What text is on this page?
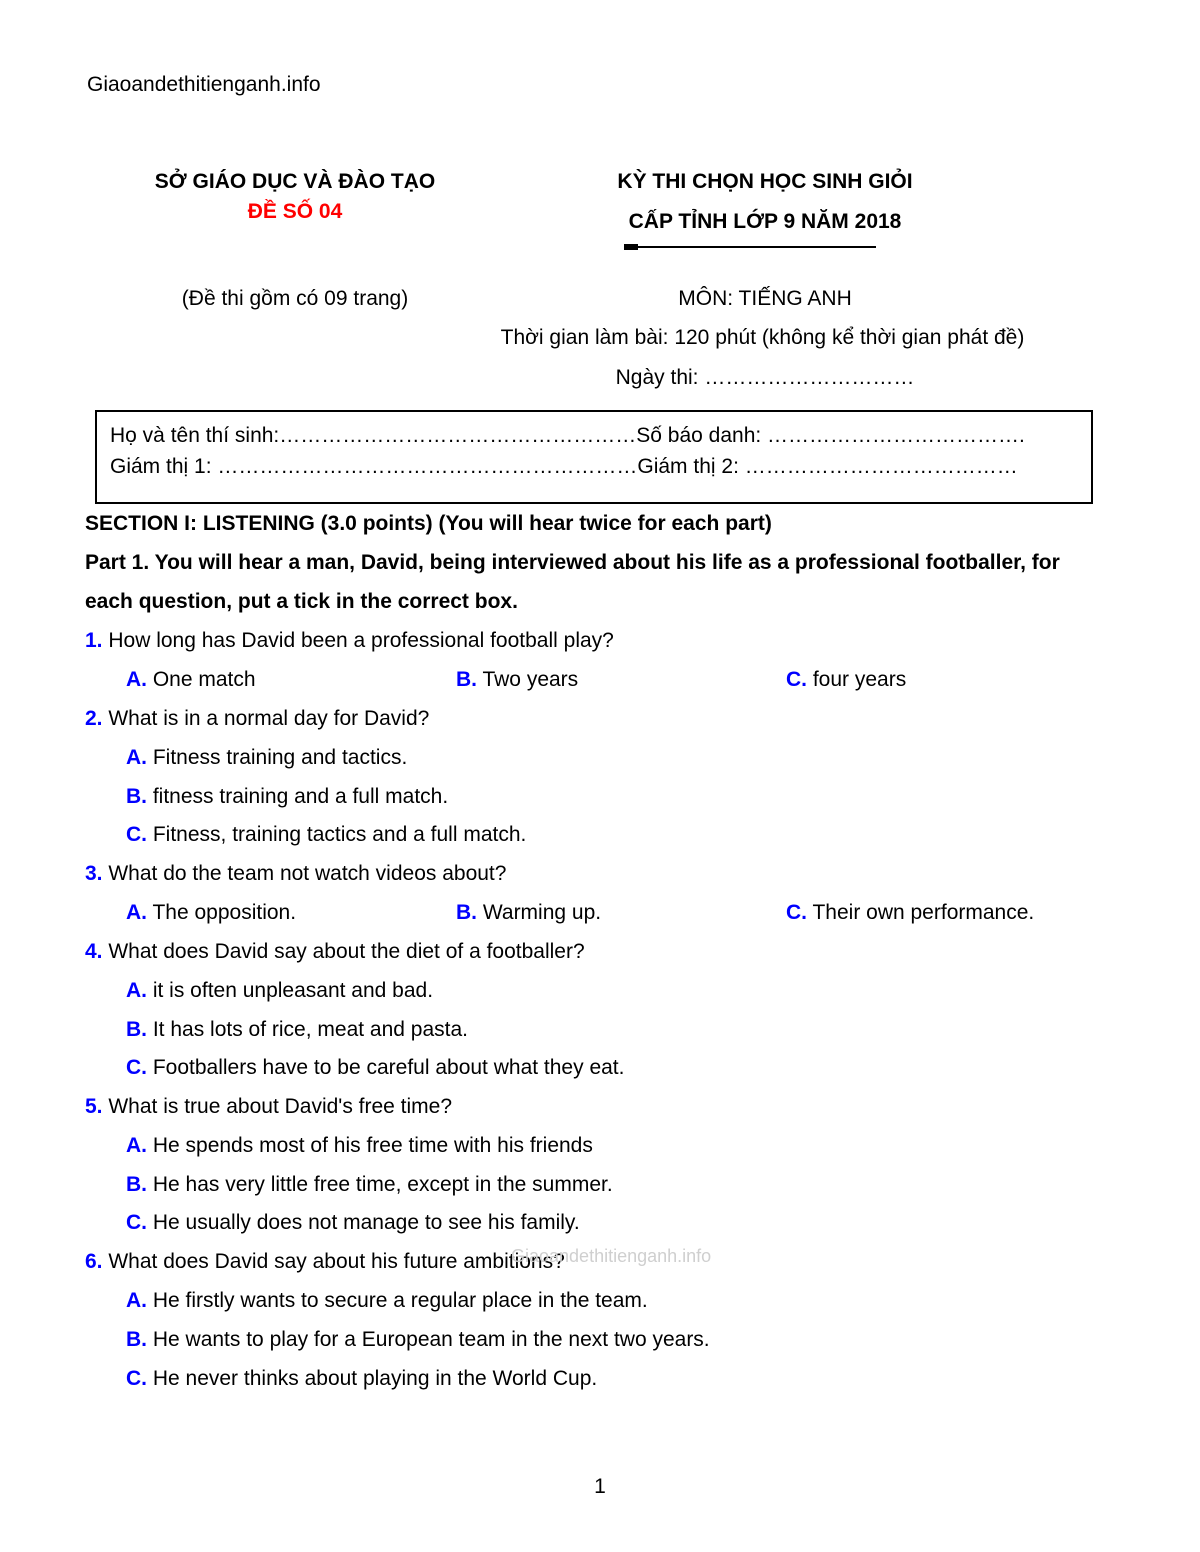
Giaoandethitienganh.info
SỞ GIÁO DỤC VÀ ĐÀO TẠO
ĐỀ SỐ 04
(Đề thi gồm có 09 trang)
KỲ THI CHỌN HỌC SINH GIỎI
CẤP TỈNH LỚP 9 NĂM 2018
MÔN: TIẾNG ANH
Thời gian làm bài: 120 phút (không kể thời gian phát đề)
Ngày thi: …………………………
Họ và tên thí sinh:……………………………………………Số báo danh: ……………………………….
Giám thị 1: ……………………………………………………Giám thị 2: …………………………………
SECTION I: LISTENING (3.0 points) (You will hear twice for each part)
Part 1. You will hear a man, David, being interviewed about his life as a professional footballer, for
each question, put a tick in the correct box.
1. How long has David been a professional football play?
A. One match	B. Two years	C. four years
2. What is in a normal day for David?
A. Fitness training and tactics.
B. fitness training and a full match.
C. Fitness, training tactics and a full match.
3. What do the team not watch videos about?
A. The opposition.	B. Warming up.	C. Their own performance.
4. What does David say about the diet of a footballer?
A. it is often unpleasant and bad.
B. It has lots of rice, meat and pasta.
C. Footballers have to be careful about what they eat.
5. What is true about David's free time?
A. He spends most of his free time with his friends
B. He has very little free time, except in the summer.
C. He usually does not manage to see his family.
6. What does David say about his future ambitions?
A. He firstly wants to secure a regular place in the team.
B. He wants to play for a European team in the next two years.
C. He never thinks about playing in the World Cup.
Giaoandethitienganh.info
1
